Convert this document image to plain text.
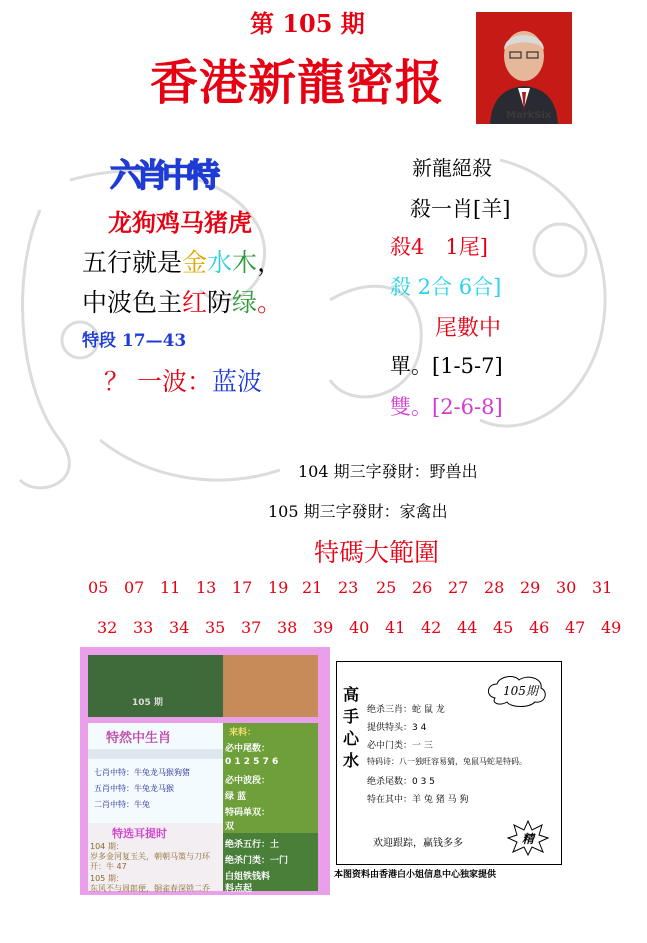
第 105 期
香港新龍密报
MarkSix
六肖中特
龙狗鸡马猪虎
五行就是金水木，
中波色主红防绿。
特段 17—43
？ 一波：蓝波
新龍絕殺
殺一肖[羊]
殺4　1尾]
殺 2合 6合]
尾數中
單。[1-5-7]
雙。[2-6-8]
104 期三字發財：野兽出
105 期三字發財：家禽出
特碼大範圍
05 07 11 13 17 19 21 23 25 26 27 28 29 30 31
32 33 34 35 37 38 39 40 41 42 44 45 46 47 49
105 期
特然中生肖
七肖中特：牛兔龙马猴狗猪
五肖中特：牛兔龙马猴
二肖中特：牛兔
来料：
必中尾数：
0 1 2 5 7 6
必中波段：
绿 蓝
特码单双：
双
特选耳提时
104 期：
岁多金河复玉关，朝朝马策与刀环
开：牛 47
105 期：
东风不与周郎便，铜雀春深锁二乔
绝杀五行：土
绝杀门类：一门
白姐铁钱料
料点起
高
手
心
水
105期
绝杀三肖：蛇 鼠 龙
提供特头：3 4
必中门类：一 三
特码诗：八一独旺容易猜，兔鼠马蛇是特码。
绝杀尾数：0 3 5
特在其中：羊 兔 猪 马 狗
欢迎跟踪，赢钱多多	精
本图资料由香港白小姐信息中心独家提供
